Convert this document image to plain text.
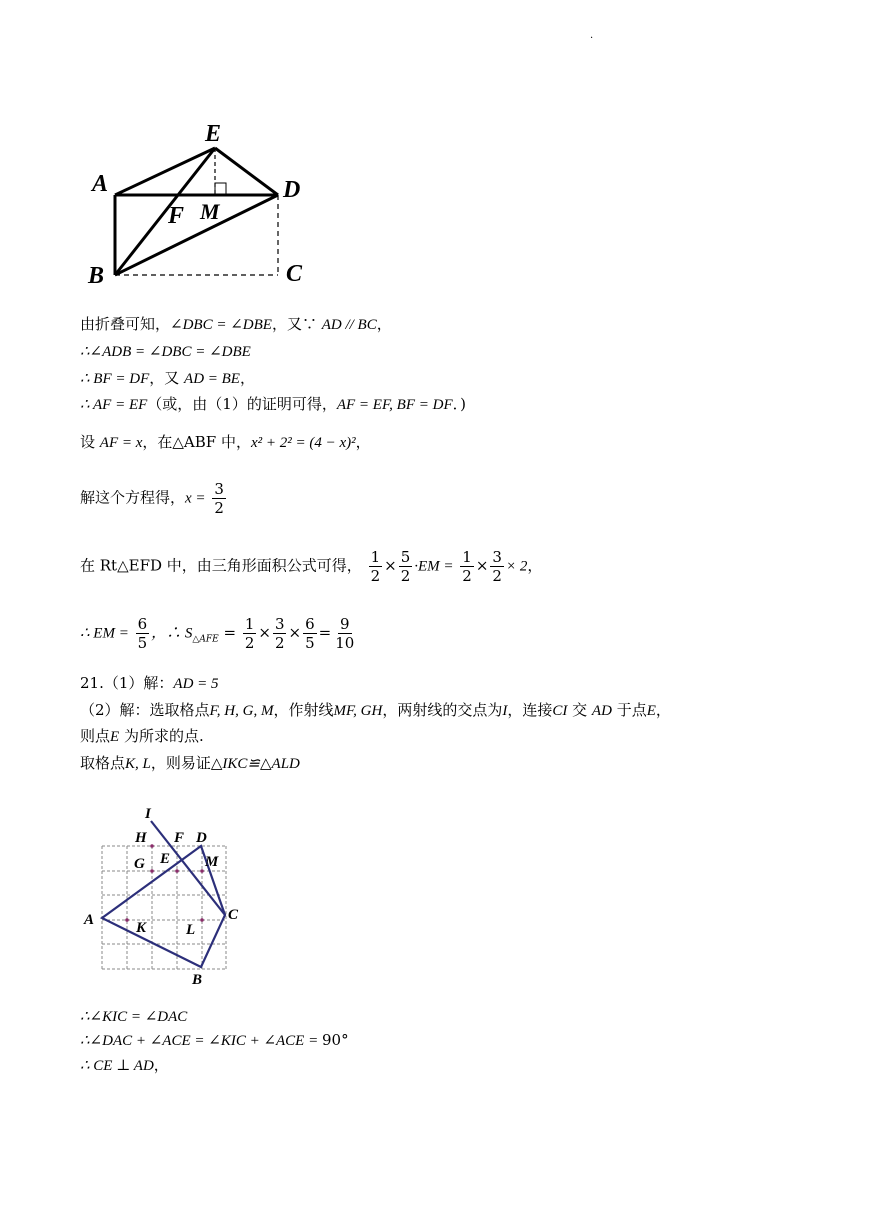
.
E
A	D
F M
B	C
由折叠可知，∠DBC = ∠DBE，又∵ AD // BC，
∴∠ADB = ∠DBC = ∠DBE
∴ BF = DF，又 AD = BE，
∴ AF = EF（或，由（1）的证明可得，AF = EF, BF = DF．)
设 AF = x，在△ABF 中，x² + 2² = (4 − x)²，
解这个方程得，$x = \frac{3}{2}$
在 Rt△EFD 中，由三角形面积公式可得， $\frac{1}{2} \times \frac{5}{2} \cdot EM = \frac{1}{2} \times \frac{3}{2} \times 2$，
∴ EM = $\frac{6}{5}$ ，∴ $S_{\triangle AFE} = \frac{1}{2} \times \frac{3}{2} \times \frac{6}{5} = \frac{9}{10}$
21.（1）解：AD = 5
（2）解：选取格点F, H, G, M，作射线MF, GH，两射线的交点为I，连接CI 交 AD 于点E，
则点E 为所求的点.
取格点K, L，则易证△IKC≌△ALD
I
H F D
G E M
A	K	L
C
B
∴∠KIC = ∠DAC
∴∠DAC + ∠ACE = ∠KIC + ∠ACE = 90°
∴ CE ⊥ AD，
